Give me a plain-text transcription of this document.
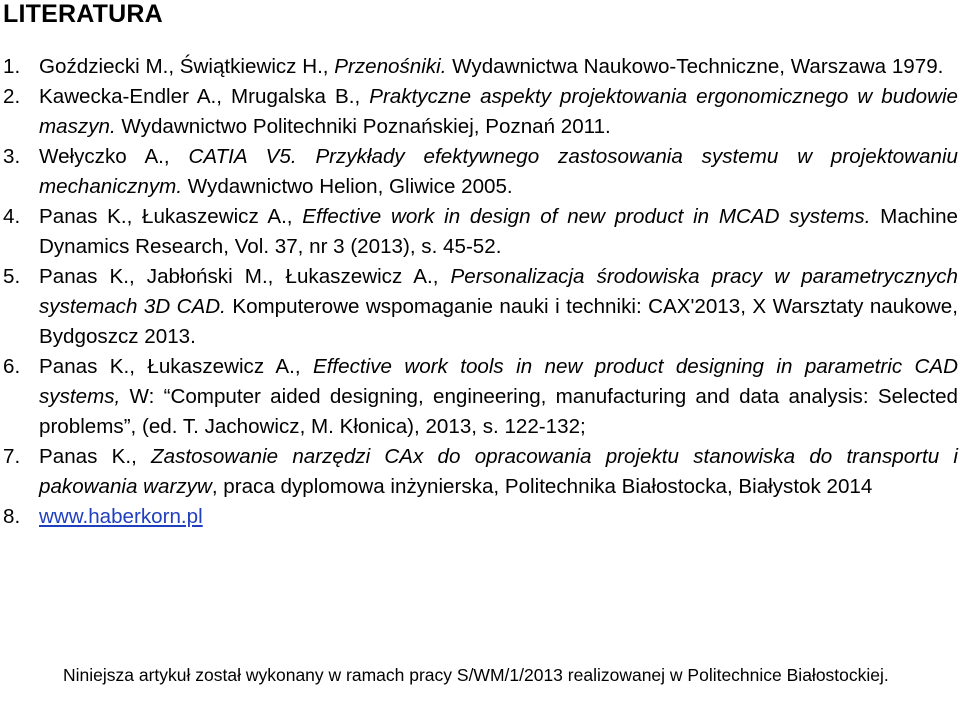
LITERATURA
1. Goździecki M., Świątkiewicz H., Przenośniki. Wydawnictwa Naukowo-Techniczne, Warszawa 1979.
2. Kawecka-Endler A., Mrugalska B., Praktyczne aspekty projektowania ergonomicznego w budowie maszyn. Wydawnictwo Politechniki Poznańskiej, Poznań 2011.
3. Wełyczko A., CATIA V5. Przykłady efektywnego zastosowania systemu w projektowaniu mechanicznym. Wydawnictwo Helion, Gliwice 2005.
4. Panas K., Łukaszewicz A., Effective work in design of new product in MCAD systems. Machine Dynamics Research, Vol. 37, nr 3 (2013), s. 45-52.
5. Panas K., Jabłoński M., Łukaszewicz A., Personalizacja środowiska pracy w parametrycznych systemach 3D CAD. Komputerowe wspomaganie nauki i techniki: CAX'2013, X Warsztaty naukowe, Bydgoszcz 2013.
6. Panas K., Łukaszewicz A., Effective work tools in new product designing in parametric CAD systems, W: “Computer aided designing, engineering, manufacturing and data analysis: Selected problems”, (ed. T. Jachowicz, M. Kłonica), 2013, s. 122-132;
7. Panas K., Zastosowanie narzędzi CAx do opracowania projektu stanowiska do transportu i pakowania warzyw, praca dyplomowa inżynierska, Politechnika Białostocka, Białystok 2014
8. www.haberkorn.pl
Niniejsza artykuł został wykonany w ramach pracy S/WM/1/2013 realizowanej w Politechnice Białostockiej.
